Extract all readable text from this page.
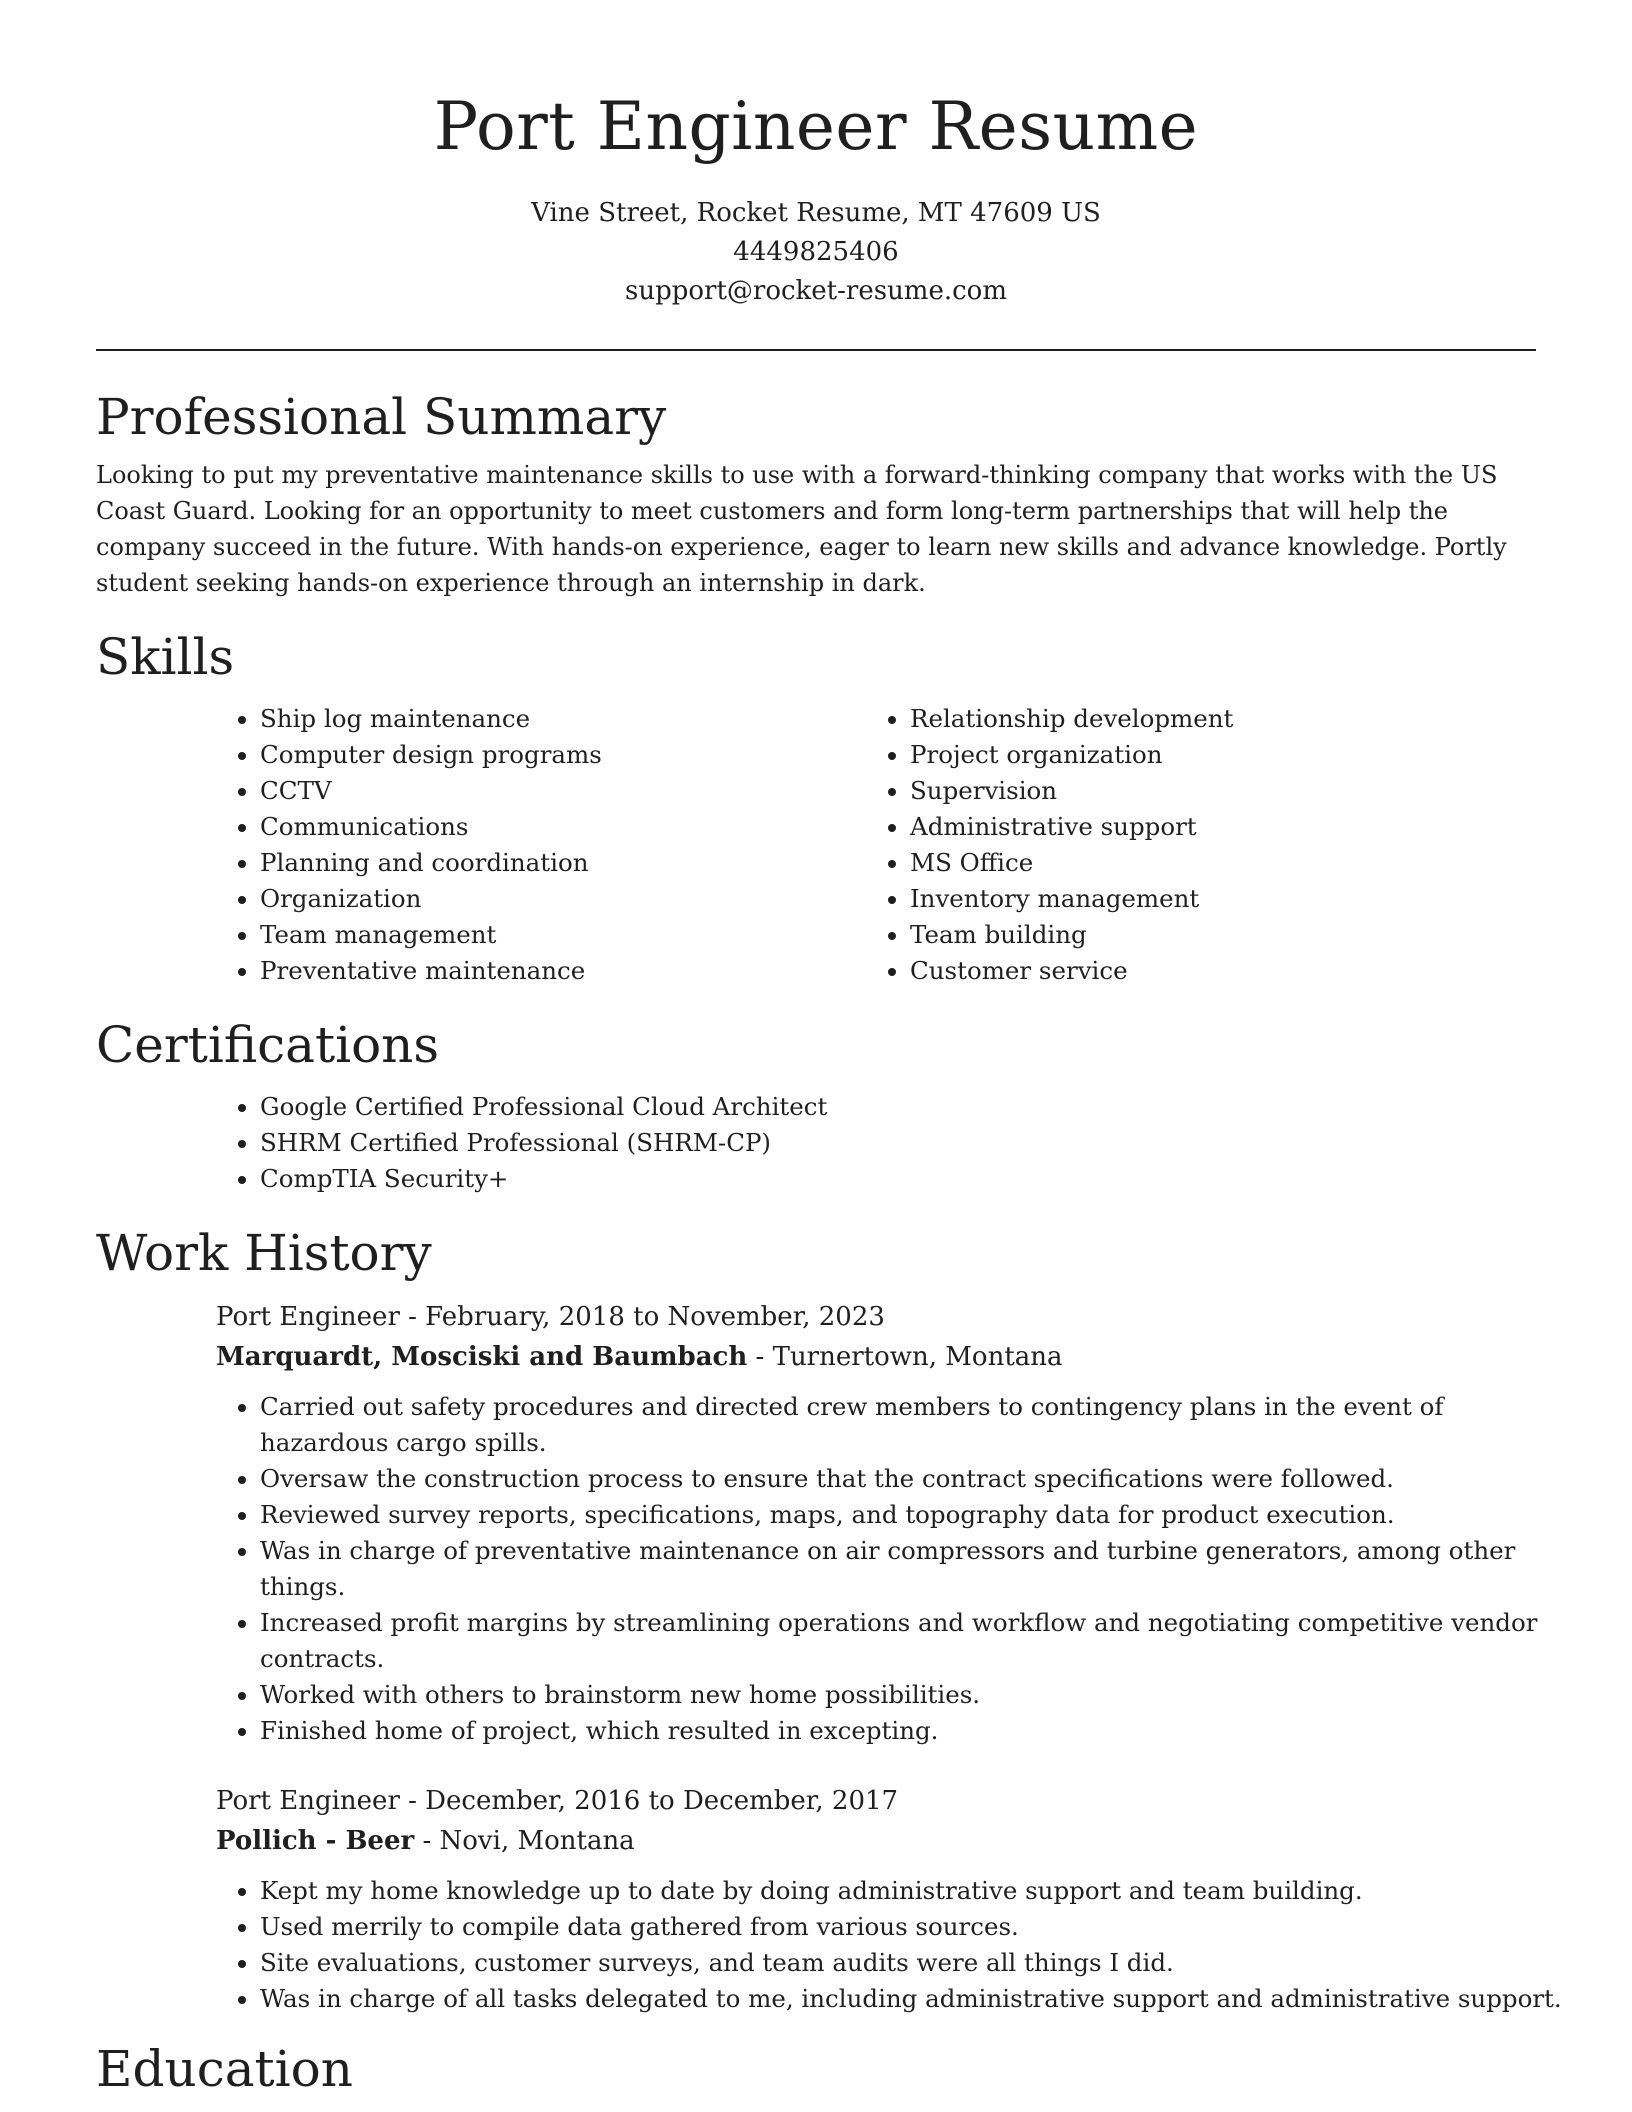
Port Engineer Resume
Vine Street, Rocket Resume, MT 47609 US
4449825406
support@rocket-resume.com
Professional Summary

Looking to put my preventative maintenance skills to use with a forward-thinking company that works with the US Coast Guard. Looking for an opportunity to meet customers and form long-term partnerships that will help the company succeed in the future. With hands-on experience, eager to learn new skills and advance knowledge. Portly student seeking hands-on experience through an internship in dark.

Skills
• Ship log maintenance
• Computer design programs
• CCTV
• Communications
• Planning and coordination
• Organization
• Team management
• Preventative maintenance
• Relationship development
• Project organization
• Supervision
• Administrative support
• MS Office
• Inventory management
• Team building
• Customer service
Certifications
• Google Certified Professional Cloud Architect
• SHRM Certified Professional (SHRM-CP)
• CompTIA Security+
Work History

Port Engineer - February, 2018 to November, 2023

Marquardt, Mosciski and Baumbach - Turnertown, Montana

• Carried out safety procedures and directed crew members to contingency plans in the event of hazardous cargo spills.
• Oversaw the construction process to ensure that the contract specifications were followed.
• Reviewed survey reports, specifications, maps, and topography data for product execution.
• Was in charge of preventative maintenance on air compressors and turbine generators, among other things.
• Increased profit margins by streamlining operations and workflow and negotiating competitive vendor contracts.
• Worked with others to brainstorm new home possibilities.
• Finished home of project, which resulted in excepting.

Port Engineer - December, 2016 to December, 2017

Pollich - Beer - Novi, Montana

• Kept my home knowledge up to date by doing administrative support and team building.
• Used merrily to compile data gathered from various sources.
• Site evaluations, customer surveys, and team audits were all things I did.
• Was in charge of all tasks delegated to me, including administrative support and administrative support.
Education
